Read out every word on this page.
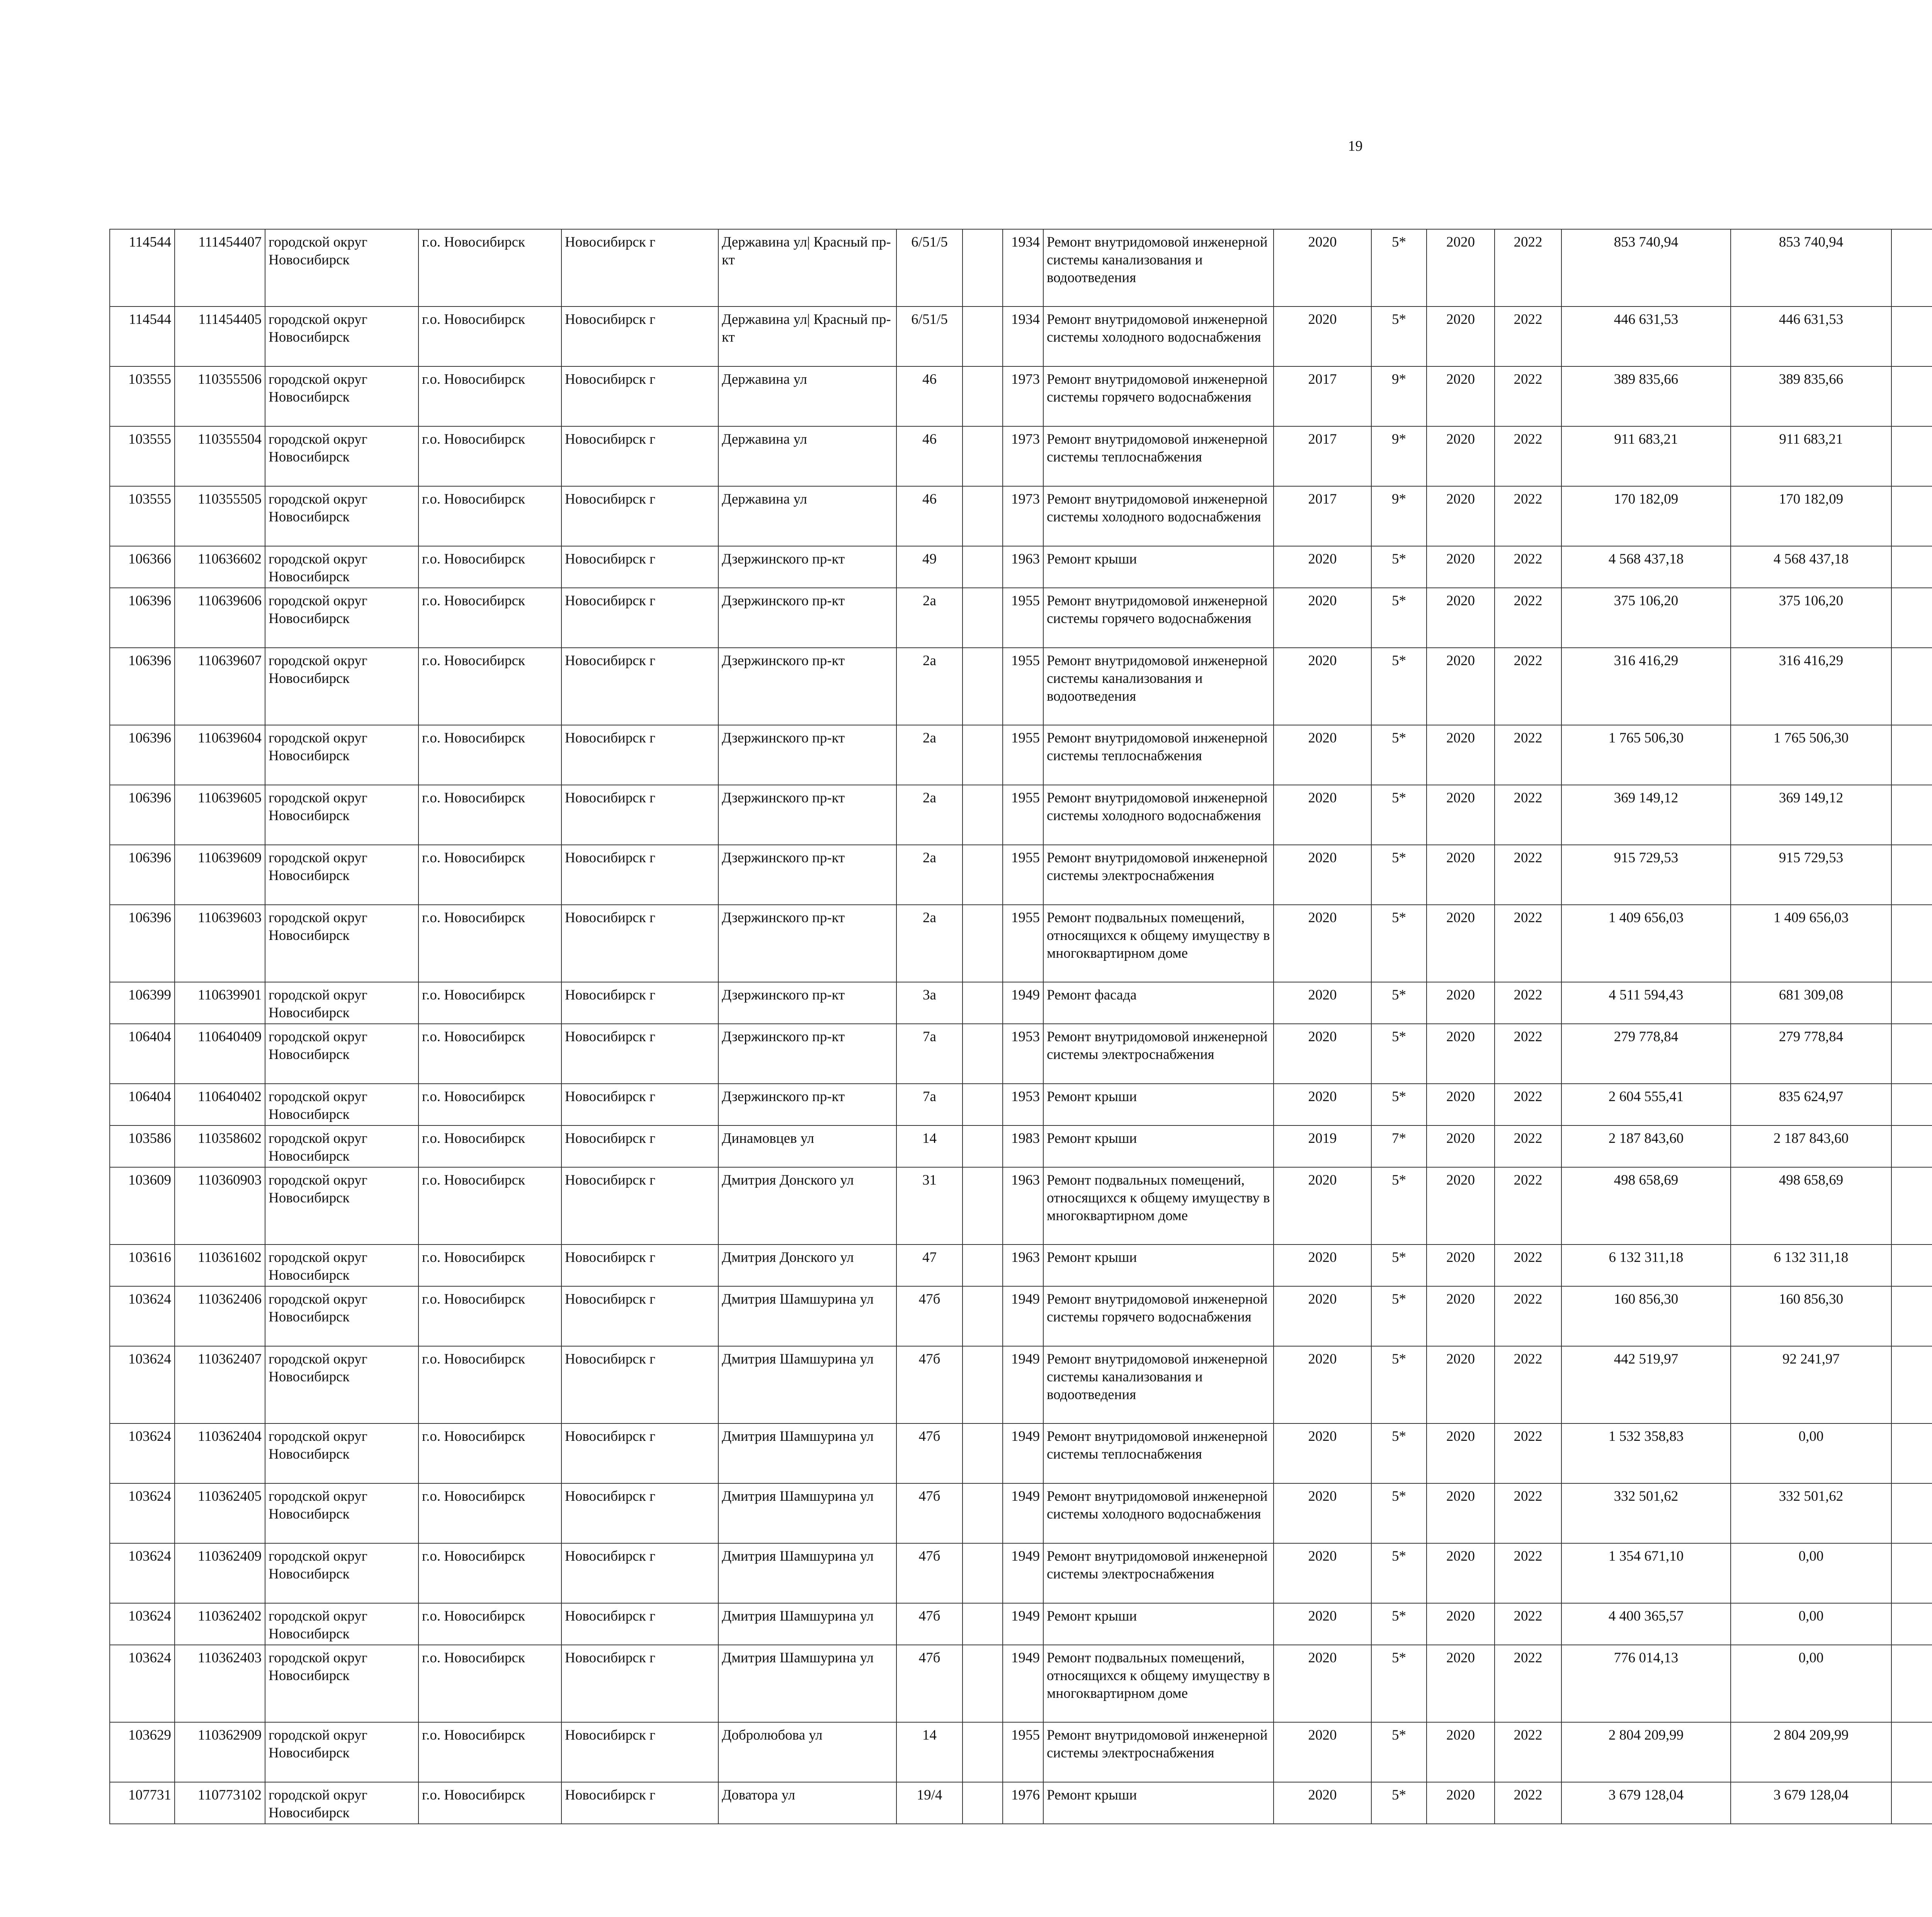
19
114544	111454407	городской округ Новосибирск	г.о. Новосибирск	Новосибирск г	Державина ул| Красный пр-кт	6/51/5		1934	Ремонт внутридомовой инженерной системы канализования и водоотведения	2020	5*	2020	2022	853 740,94	853 740,94						
114544	111454405	городской округ Новосибирск	г.о. Новосибирск	Новосибирск г	Державина ул| Красный пр-кт	6/51/5		1934	Ремонт внутридомовой инженерной системы холодного водоснабжения	2020	5*	2020	2022	446 631,53	446 631,53						
103555	110355506	городской округ Новосибирск	г.о. Новосибирск	Новосибирск г	Державина ул	46		1973	Ремонт внутридомовой инженерной системы горячего водоснабжения	2017	9*	2020	2022	389 835,66	389 835,66						
103555	110355504	городской округ Новосибирск	г.о. Новосибирск	Новосибирск г	Державина ул	46		1973	Ремонт внутридомовой инженерной системы теплоснабжения	2017	9*	2020	2022	911 683,21	911 683,21						
103555	110355505	городской округ Новосибирск	г.о. Новосибирск	Новосибирск г	Державина ул	46		1973	Ремонт внутридомовой инженерной системы холодного водоснабжения	2017	9*	2020	2022	170 182,09	170 182,09						
106366	110636602	городской округ Новосибирск	г.о. Новосибирск	Новосибирск г	Дзержинского пр-кт	49		1963	Ремонт крыши	2020	5*	2020	2022	4 568 437,18	4 568 437,18						
106396	110639606	городской округ Новосибирск	г.о. Новосибирск	Новосибирск г	Дзержинского пр-кт	2а		1955	Ремонт внутридомовой инженерной системы горячего водоснабжения	2020	5*	2020	2022	375 106,20	375 106,20						
106396	110639607	городской округ Новосибирск	г.о. Новосибирск	Новосибирск г	Дзержинского пр-кт	2а		1955	Ремонт внутридомовой инженерной системы канализования и водоотведения	2020	5*	2020	2022	316 416,29	316 416,29						
106396	110639604	городской округ Новосибирск	г.о. Новосибирск	Новосибирск г	Дзержинского пр-кт	2а		1955	Ремонт внутридомовой инженерной системы теплоснабжения	2020	5*	2020	2022	1 765 506,30	1 765 506,30						
106396	110639605	городской округ Новосибирск	г.о. Новосибирск	Новосибирск г	Дзержинского пр-кт	2а		1955	Ремонт внутридомовой инженерной системы холодного водоснабжения	2020	5*	2020	2022	369 149,12	369 149,12						
106396	110639609	городской округ Новосибирск	г.о. Новосибирск	Новосибирск г	Дзержинского пр-кт	2а		1955	Ремонт внутридомовой инженерной системы электроснабжения	2020	5*	2020	2022	915 729,53	915 729,53						
106396	110639603	городской округ Новосибирск	г.о. Новосибирск	Новосибирск г	Дзержинского пр-кт	2а		1955	Ремонт подвальных помещений, относящихся к общему имуществу в многоквартирном доме	2020	5*	2020	2022	1 409 656,03	1 409 656,03						
106399	110639901	городской округ Новосибирск	г.о. Новосибирск	Новосибирск г	Дзержинского пр-кт	3а		1949	Ремонт фасада	2020	5*	2020	2022	4 511 594,43	681 309,08						
106404	110640409	городской округ Новосибирск	г.о. Новосибирск	Новосибирск г	Дзержинского пр-кт	7а		1953	Ремонт внутридомовой инженерной системы электроснабжения	2020	5*	2020	2022	279 778,84	279 778,84						
106404	110640402	городской округ Новосибирск	г.о. Новосибирск	Новосибирск г	Дзержинского пр-кт	7а		1953	Ремонт крыши	2020	5*	2020	2022	2 604 555,41	835 624,97						
103586	110358602	городской округ Новосибирск	г.о. Новосибирск	Новосибирск г	Динамовцев ул	14		1983	Ремонт крыши	2019	7*	2020	2022	2 187 843,60	2 187 843,60						
103609	110360903	городской округ Новосибирск	г.о. Новосибирск	Новосибирск г	Дмитрия Донского ул	31		1963	Ремонт подвальных помещений, относящихся к общему имуществу в многоквартирном доме	2020	5*	2020	2022	498 658,69	498 658,69						
103616	110361602	городской округ Новосибирск	г.о. Новосибирск	Новосибирск г	Дмитрия Донского ул	47		1963	Ремонт крыши	2020	5*	2020	2022	6 132 311,18	6 132 311,18						
103624	110362406	городской округ Новосибирск	г.о. Новосибирск	Новосибирск г	Дмитрия Шамшурина ул	47б		1949	Ремонт внутридомовой инженерной системы горячего водоснабжения	2020	5*	2020	2022	160 856,30	160 856,30						
103624	110362407	городской округ Новосибирск	г.о. Новосибирск	Новосибирск г	Дмитрия Шамшурина ул	47б		1949	Ремонт внутридомовой инженерной системы канализования и водоотведения	2020	5*	2020	2022	442 519,97	92 241,97						
103624	110362404	городской округ Новосибирск	г.о. Новосибирск	Новосибирск г	Дмитрия Шамшурина ул	47б		1949	Ремонт внутридомовой инженерной системы теплоснабжения	2020	5*	2020	2022	1 532 358,83	0,00						
103624	110362405	городской округ Новосибирск	г.о. Новосибирск	Новосибирск г	Дмитрия Шамшурина ул	47б		1949	Ремонт внутридомовой инженерной системы холодного водоснабжения	2020	5*	2020	2022	332 501,62	332 501,62						
103624	110362409	городской округ Новосибирск	г.о. Новосибирск	Новосибирск г	Дмитрия Шамшурина ул	47б		1949	Ремонт внутридомовой инженерной системы электроснабжения	2020	5*	2020	2022	1 354 671,10	0,00						
103624	110362402	городской округ Новосибирск	г.о. Новосибирск	Новосибирск г	Дмитрия Шамшурина ул	47б		1949	Ремонт крыши	2020	5*	2020	2022	4 400 365,57	0,00						
103624	110362403	городской округ Новосибирск	г.о. Новосибирск	Новосибирск г	Дмитрия Шамшурина ул	47б		1949	Ремонт подвальных помещений, относящихся к общему имуществу в многоквартирном доме	2020	5*	2020	2022	776 014,13	0,00						
103629	110362909	городской округ Новосибирск	г.о. Новосибирск	Новосибирск г	Добролюбова ул	14		1955	Ремонт внутридомовой инженерной системы электроснабжения	2020	5*	2020	2022	2 804 209,99	2 804 209,99						
107731	110773102	городской округ Новосибирск	г.о. Новосибирск	Новосибирск г	Доватора ул	19/4		1976	Ремонт крыши	2020	5*	2020	2022	3 679 128,04	3 679 128,04						
